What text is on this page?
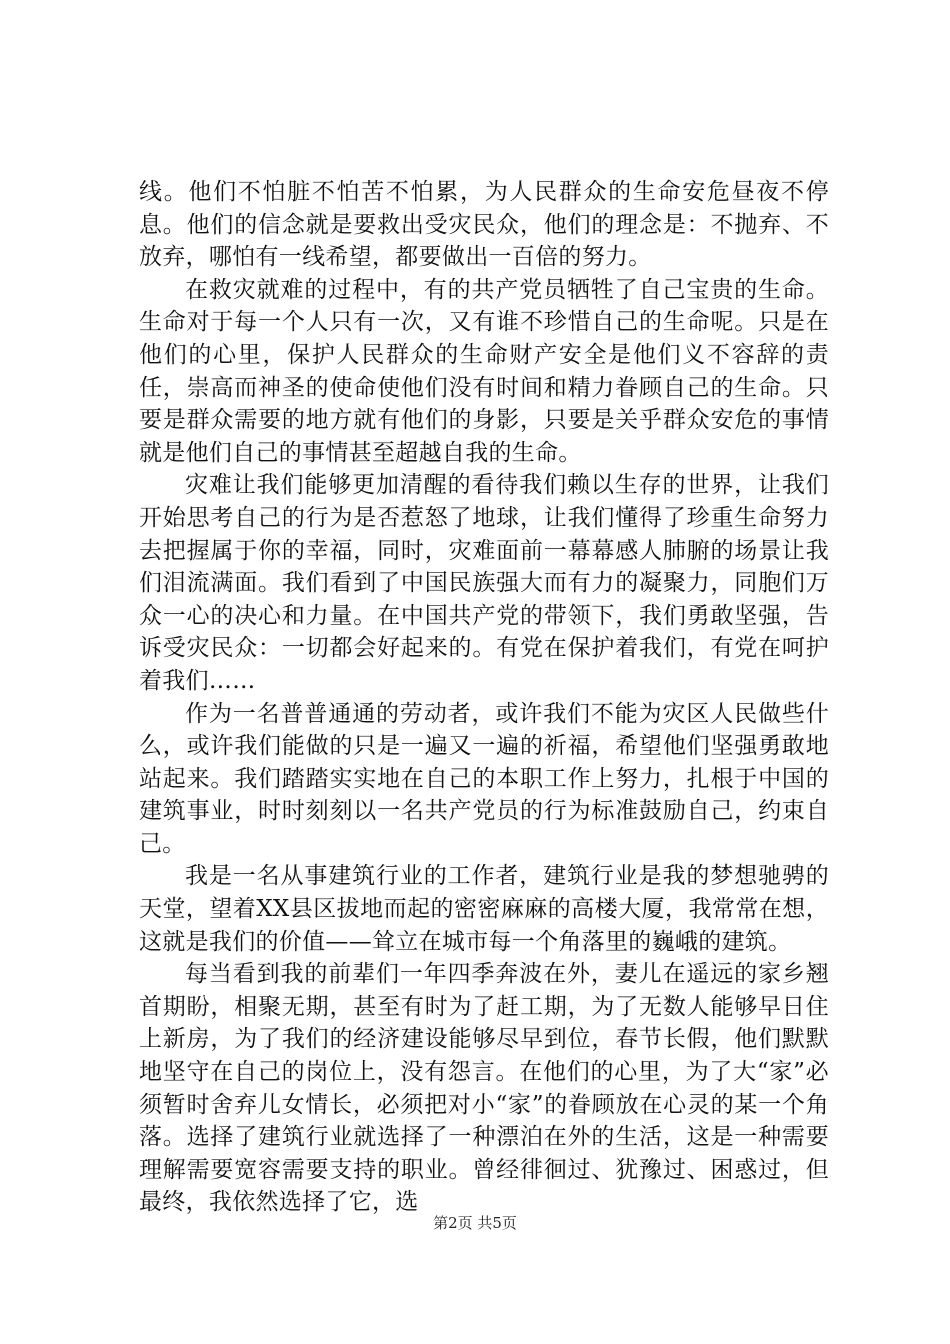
线。他们不怕脏不怕苦不怕累，为人民群众的生命安危昼夜不停息。他们的信念就是要救出受灾民众，他们的理念是：不抛弃、不放弃，哪怕有一线希望，都要做出一百倍的努力。

在救灾就难的过程中，有的共产党员牺牲了自己宝贵的生命。生命对于每一个人只有一次，又有谁不珍惜自己的生命呢。只是在他们的心里，保护人民群众的生命财产安全是他们义不容辞的责任，崇高而神圣的使命使他们没有时间和精力眷顾自己的生命。只要是群众需要的地方就有他们的身影，只要是关乎群众安危的事情就是他们自己的事情甚至超越自我的生命。

灾难让我们能够更加清醒的看待我们赖以生存的世界，让我们开始思考自己的行为是否惹怒了地球，让我们懂得了珍重生命努力去把握属于你的幸福，同时，灾难面前一幕幕感人肺腑的场景让我们泪流满面。我们看到了中国民族强大而有力的凝聚力，同胞们万众一心的决心和力量。在中国共产党的带领下，我们勇敢坚强，告诉受灾民众：一切都会好起来的。有党在保护着我们，有党在呵护着我们……

作为一名普普通通的劳动者，或许我们不能为灾区人民做些什么，或许我们能做的只是一遍又一遍的祈福，希望他们坚强勇敢地站起来。我们踏踏实实地在自己的本职工作上努力，扎根于中国的建筑事业，时时刻刻以一名共产党员的行为标准鼓励自己，约束自己。

我是一名从事建筑行业的工作者，建筑行业是我的梦想驰骋的天堂，望着XX县区拔地而起的密密麻麻的高楼大厦，我常常在想，这就是我们的价值——耸立在城市每一个角落里的巍峨的建筑。

每当看到我的前辈们一年四季奔波在外，妻儿在遥远的家乡翘首期盼，相聚无期，甚至有时为了赶工期，为了无数人能够早日住上新房，为了我们的经济建设能够尽早到位，春节长假，他们默默地坚守在自己的岗位上，没有怨言。在他们的心里，为了大“家”必须暂时舍弃儿女情长，必须把对小“家”的眷顾放在心灵的某一个角落。选择了建筑行业就选择了一种漂泊在外的生活，这是一种需要理解需要宽容需要支持的职业。曾经徘徊过、犹豫过、困惑过，但最终，我依然选择了它，选

第2页 共5页
